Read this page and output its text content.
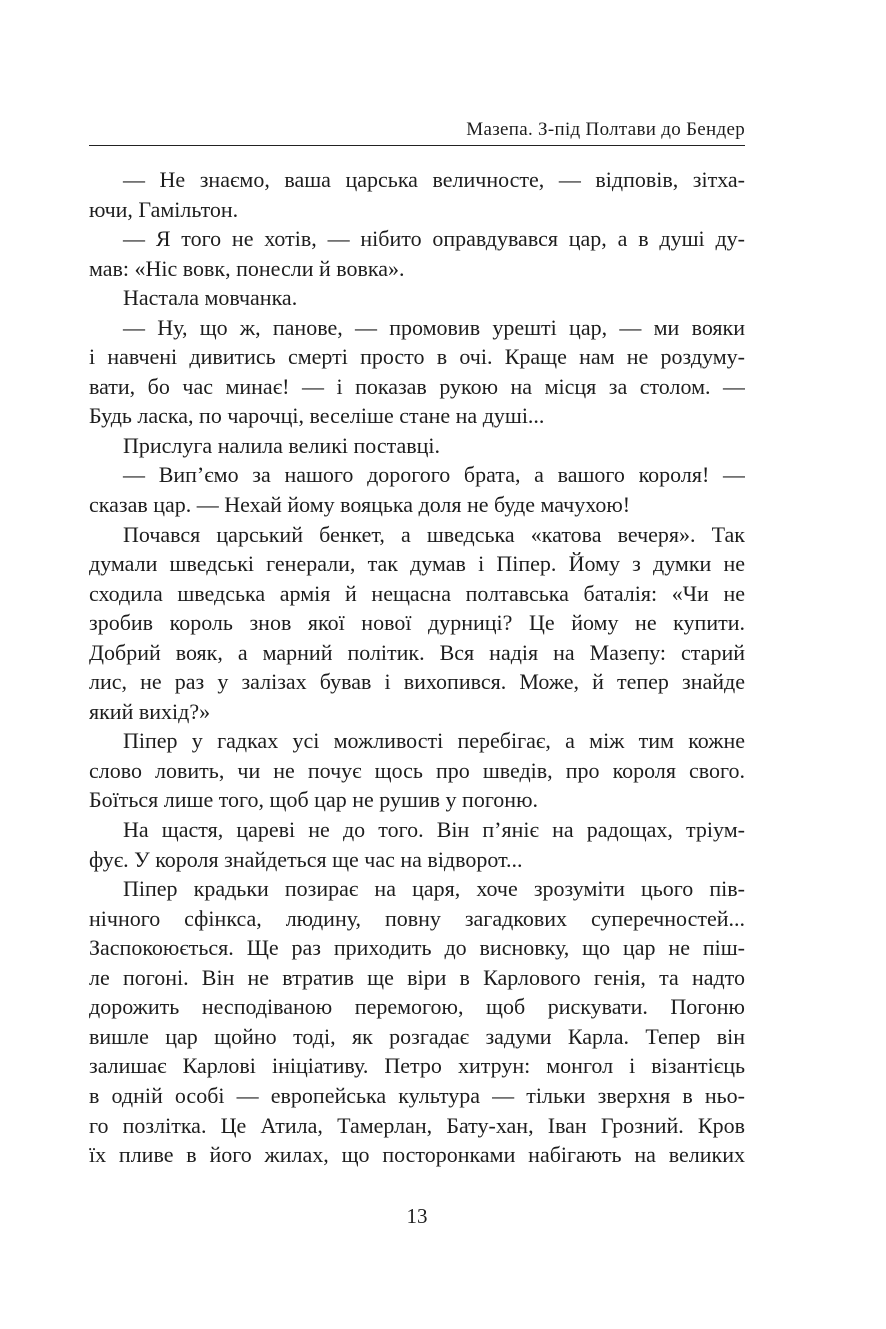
Мазепа. З-під Полтави до Бендер
— Не знаємо, ваша царська величносте, — відповів, зітха-
ючи, Гамільтон.
— Я того не хотів, — нібито оправдувався цар, а в душі ду-
мав: «Ніс вовк, понесли й вовка».
Настала мовчанка.
— Ну, що ж, панове, — промовив урешті цар, — ми вояки
і навчені дивитись смерті просто в очі. Краще нам не роздуму-
вати, бо час минає! — і показав рукою на місця за столом. —
Будь ласка, по чарочці, веселіше стане на душі...
Прислуга налила великі поставці.
— Вип’ємо за нашого дорогого брата, а вашого короля! —
сказав цар. — Нехай йому вояцька доля не буде мачухою!
Почався царський бенкет, а шведська «катова вечеря». Так
думали шведські генерали, так думав і Піпер. Йому з думки не
сходила шведська армія й нещасна полтавська баталія: «Чи не
зробив король знов якої нової дурниці? Це йому не купити.
Добрий вояк, а марний політик. Вся надія на Мазепу: старий
лис, не раз у залізах бував і вихопився. Може, й тепер знайде
який вихід?»
Піпер у гадках усі можливості перебігає, а між тим кожне
слово ловить, чи не почує щось про шведів, про короля свого.
Боїться лише того, щоб цар не рушив у погоню.
На щастя, цареві не до того. Він п’яніє на радощах, тріум-
фує. У короля знайдеться ще час на відворот...
Піпер крадьки позирає на царя, хоче зрозуміти цього пів-
нічного сфінкса, людину, повну загадкових суперечностей...
Заспокоюється. Ще раз приходить до висновку, що цар не піш-
ле погоні. Він не втратив ще віри в Карлового генія, та надто
дорожить несподіваною перемогою, щоб рискувати. Погоню
вишле цар щойно тоді, як розгадає задуми Карла. Тепер він
залишає Карлові ініціативу. Петро хитрун: монгол і візантієць
в одній особі — европейська культура — тільки зверхня в ньо-
го позлітка. Це Атила, Тамерлан, Бату-хан, Іван Грозний. Кров
їх пливе в його жилах, що посторонками набігають на великих
13
